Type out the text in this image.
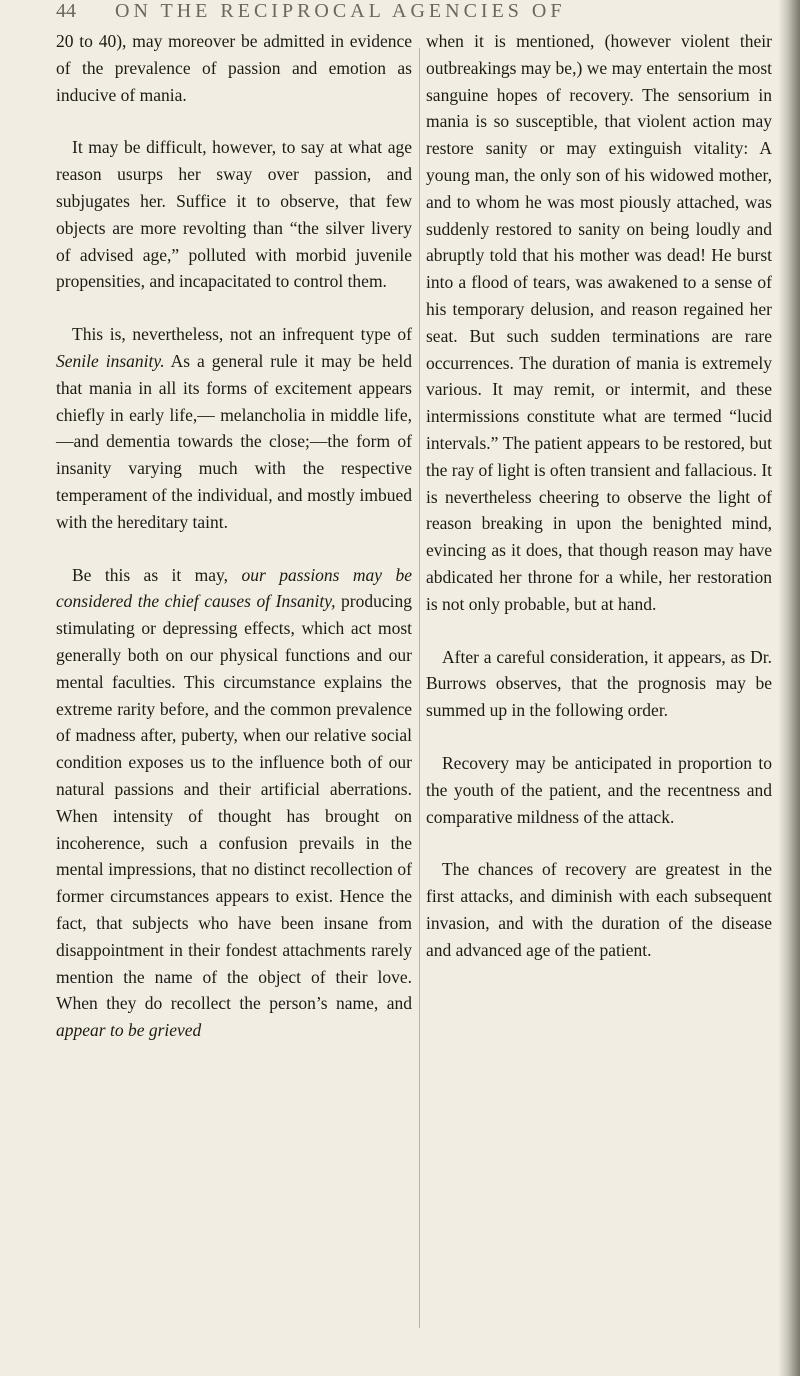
44 ON THE RECIPROCAL AGENCIES OF

20 to 40), may moreover be admitted in evidence of the prevalence of passion and emotion as inducive of mania.

It may be difficult, however, to say at what age reason usurps her sway over passion, and subjugates her. Suffice it to observe, that few objects are more revolting than “the silver livery of advised age,” polluted with morbid juvenile propensities, and incapacitated to control them.

This is, nevertheless, not an infrequent type of Senile insanity. As a general rule it may be held that mania in all its forms of excitement appears chiefly in early life,— melancholia in middle life,—and dementia towards the close;—the form of insanity varying much with the respective temperament of the individual, and mostly imbued with the hereditary taint.

Be this as it may, our passions may be considered the chief causes of Insanity, producing stimulating or depressing effects, which act most generally both on our physical functions and our mental faculties. This circumstance explains the extreme rarity before, and the common prevalence of madness after, puberty, when our relative social condition exposes us to the influence both of our natural passions and their artificial aberrations. When intensity of thought has brought on incoherence, such a confusion prevails in the mental impressions, that no distinct recollection of former circumstances appears to exist. Hence the fact, that subjects who have been insane from disappointment in their fondest attachments rarely mention the name of the object of their love. When they do recollect the person’s name, and appear to be grieved

when it is mentioned, (however violent their outbreakings may be,) we may entertain the most sanguine hopes of recovery. The sensorium in mania is so susceptible, that violent action may restore sanity or may extinguish vitality: A young man, the only son of his widowed mother, and to whom he was most piously attached, was suddenly restored to sanity on being loudly and abruptly told that his mother was dead! He burst into a flood of tears, was awakened to a sense of his temporary delusion, and reason regained her seat. But such sudden terminations are rare occurrences. The duration of mania is extremely various. It may remit, or intermit, and these intermissions constitute what are termed “lucid intervals.” The patient appears to be restored, but the ray of light is often transient and fallacious. It is nevertheless cheering to observe the light of reason breaking in upon the benighted mind, evincing as it does, that though reason may have abdicated her throne for a while, her restoration is not only probable, but at hand.

After a careful consideration, it appears, as Dr. Burrows observes, that the prognosis may be summed up in the following order.

Recovery may be anticipated in proportion to the youth of the patient, and the recentness and comparative mildness of the attack.

The chances of recovery are greatest in the first attacks, and diminish with each subsequent invasion, and with the duration of the disease and advanced age of the patient.
